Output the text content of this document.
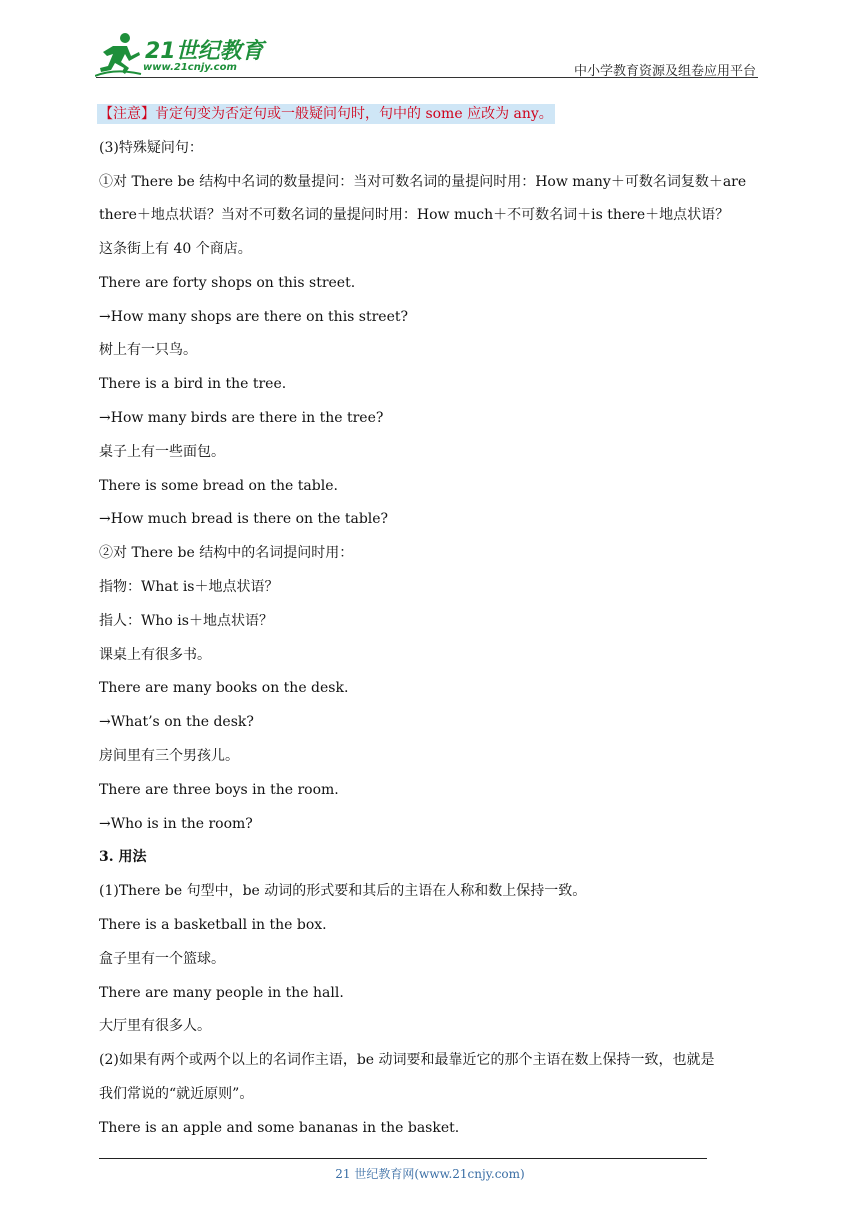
21世纪教育
www.21cnjy.com	中小学教育资源及组卷应用平台
【注意】肯定句变为否定句或一般疑问句时，句中的 some 应改为 any。
(3)特殊疑问句：
①对 There be 结构中名词的数量提问：当对可数名词的量提问时用：How many＋可数名词复数＋are
there＋地点状语？当对不可数名词的量提问时用：How much＋不可数名词＋is there＋地点状语？
这条街上有 40 个商店。
There are forty shops on this street.
→How many shops are there on this street?
树上有一只鸟。
There is a bird in the tree.
→How many birds are there in the tree?
桌子上有一些面包。
There is some bread on the table.
→How much bread is there on the table?
②对 There be 结构中的名词提问时用：
指物：What is＋地点状语？
指人：Who is＋地点状语？
课桌上有很多书。
There are many books on the desk.
→What’s on the desk?
房间里有三个男孩儿。
There are three boys in the room.
→Who is in the room?
3. 用法
(1)There be 句型中，be 动词的形式要和其后的主语在人称和数上保持一致。
There is a basketball in the box.
盒子里有一个篮球。
There are many people in the hall.
大厅里有很多人。
(2)如果有两个或两个以上的名词作主语，be 动词要和最靠近它的那个主语在数上保持一致，也就是
我们常说的“就近原则”。
There is an apple and some bananas in the basket.
21 世纪教育网(www.21cnjy.com)
